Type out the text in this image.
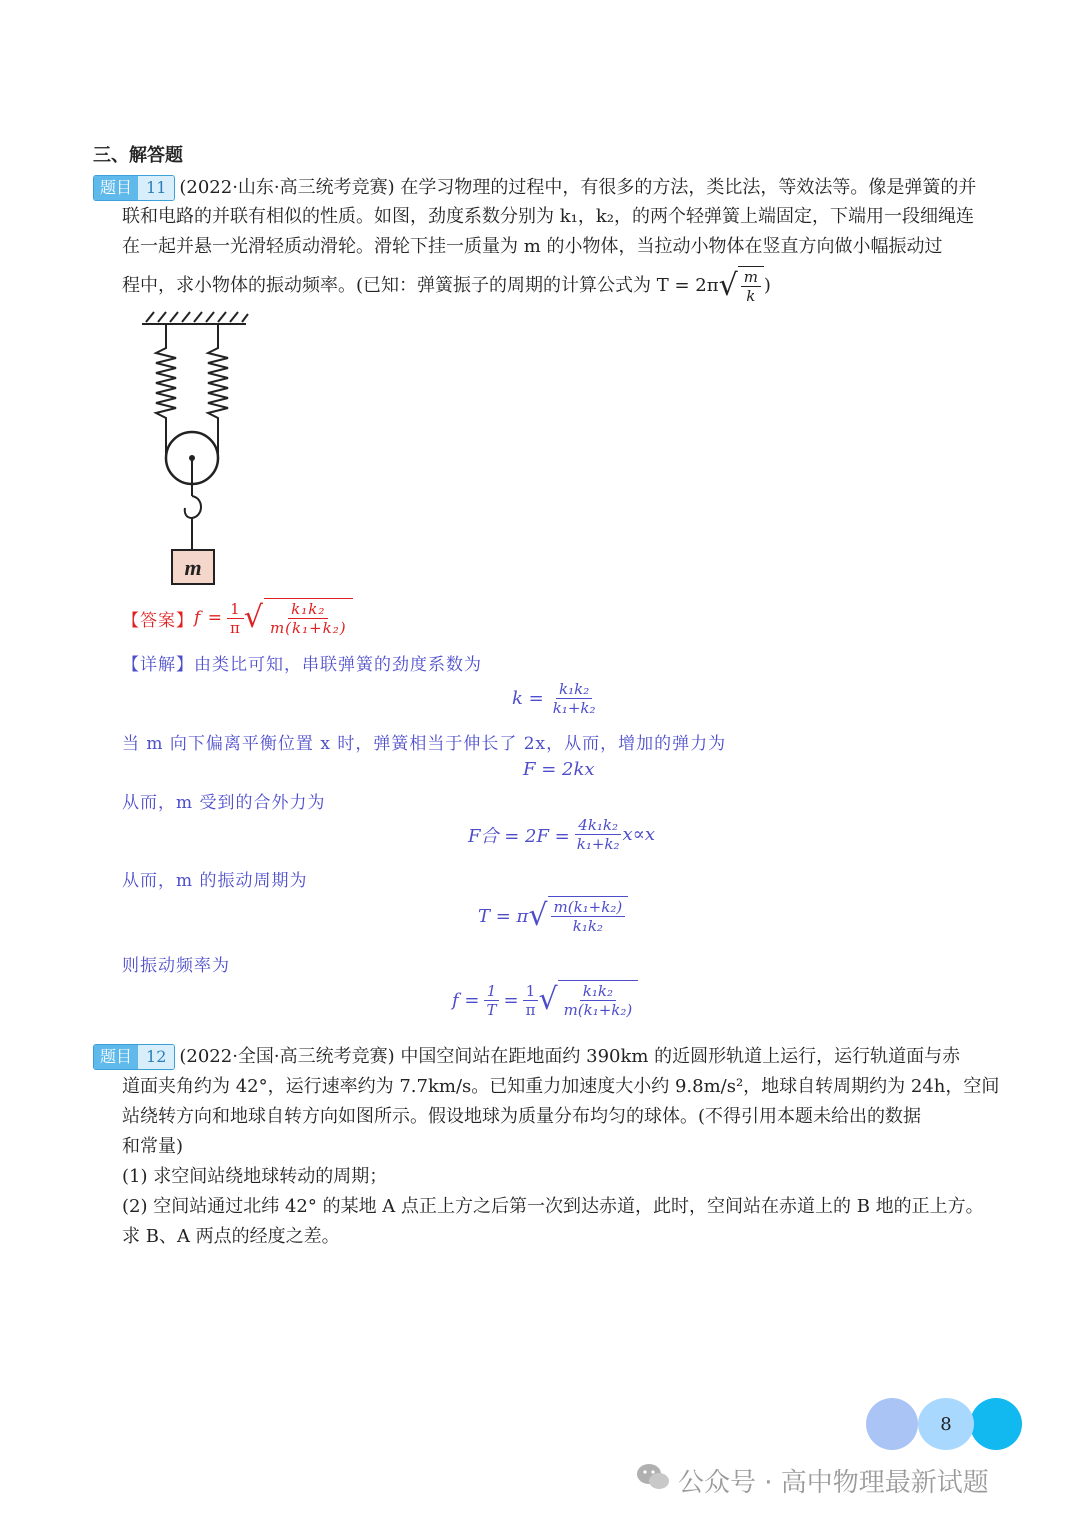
三、解答题
题目 11 (2022·山东·高三统考竞赛) 在学习物理的过程中，有很多的方法，类比法，等效法等。像是弹簧的并
联和电路的并联有相似的性质。如图，劲度系数分别为 k₁，k₂，的两个轻弹簧上端固定，下端用一段细绳连
在一起并悬一光滑轻质动滑轮。滑轮下挂一质量为 m 的小物体，当拉动小物体在竖直方向做小幅振动过
程中，求小物体的振动频率。(已知：弹簧振子的周期的计算公式为 T = 2π √ $\frac{m}{k}$ )
m
【答案】 $f = \frac{1}{\pi}$ √ $\frac{\text{k₁k₂}}{\text{m(k₁+k₂)}}$
【详解】由类比可知，串联弹簧的劲度系数为
$k = \frac{\text{k₁k₂}}{\text{k₁+k₂}}$
当 m 向下偏离平衡位置 x 时，弹簧相当于伸长了 2x，从而，增加的弹力为
F = 2kx
从而，m 受到的合外力为
F合 = $2F = \frac{\text{4k₁k₂}}{\text{k₁+k₂}} x\propto x$
从而，m 的振动周期为
T = π √ $\frac{\text{m(k₁+k₂)}}{\text{k₁k₂}}$
则振动频率为
$f = \frac{1}{T} = \frac{1}{\pi}$ √ $\frac{\text{k₁k₂}}{\text{m(k₁+k₂)}}$
题目 12 (2022·全国·高三统考竞赛) 中国空间站在距地面约 390km 的近圆形轨道上运行，运行轨道面与赤
道面夹角约为 42°，运行速率约为 7.7km/s。已知重力加速度大小约 9.8m/s²，地球自转周期约为 24h，空间
站绕转方向和地球自转方向如图所示。假设地球为质量分布均匀的球体。(不得引用本题未给出的数据
和常量)
(1) 求空间站绕地球转动的周期；
(2) 空间站通过北纬 42° 的某地 A 点正上方之后第一次到达赤道，此时，空间站在赤道上的 B 地的正上方。
求 B、A 两点的经度之差。
8
公众号 · 高中物理最新试题
